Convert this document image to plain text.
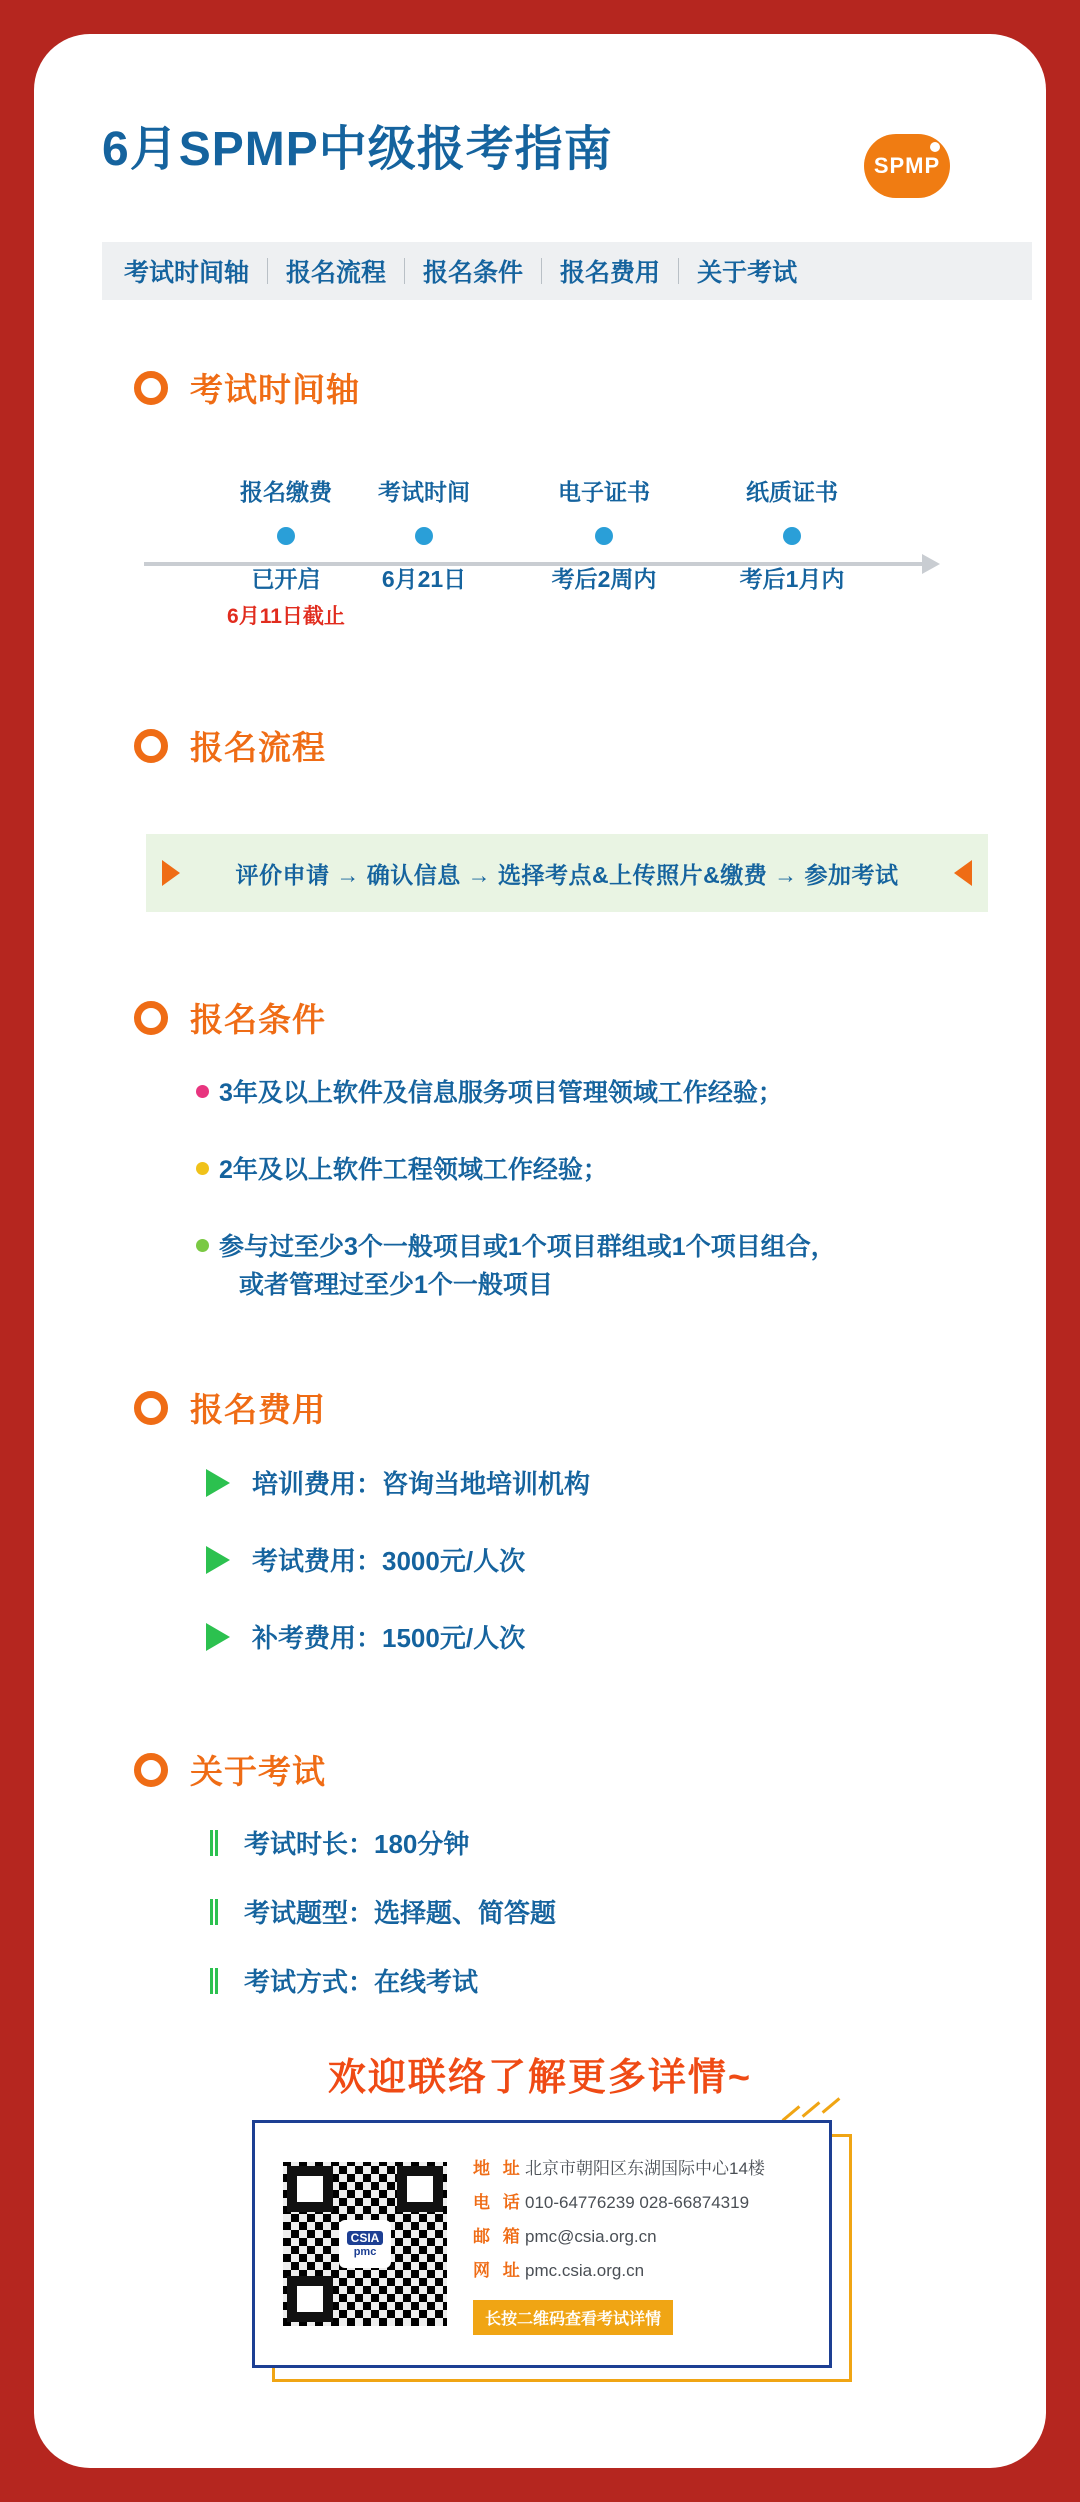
6月SPMP中级报考指南	SPMP
考试时间轴	报名流程	报名条件	报名费用	关于考试
考试时间轴
报名缴费
已开启
6月11日截止
考试时间
6月21日
电子证书
考后2周内
纸质证书
考后1月内
报名流程
评价申请 → 确认信息 → 选择考点&上传照片&缴费 → 参加考试
报名条件
3年及以上软件及信息服务项目管理领域工作经验；
2年及以上软件工程领域工作经验；
参与过至少3个一般项目或1个项目群组或1个项目组合，
或者管理过至少1个一般项目
报名费用
培训费用：咨询当地培训机构
考试费用：3000元/人次
补考费用：1500元/人次
关于考试
考试时长：180分钟
考试题型：选择题、简答题
考试方式：在线考试
欢迎联络了解更多详情~
CSIA
pmc
地 址 北京市朝阳区东湖国际中心14楼
电 话 010-64776239 028-66874319
邮 箱 pmc@csia.org.cn
网 址 pmc.csia.org.cn
长按二维码查看考试详情
